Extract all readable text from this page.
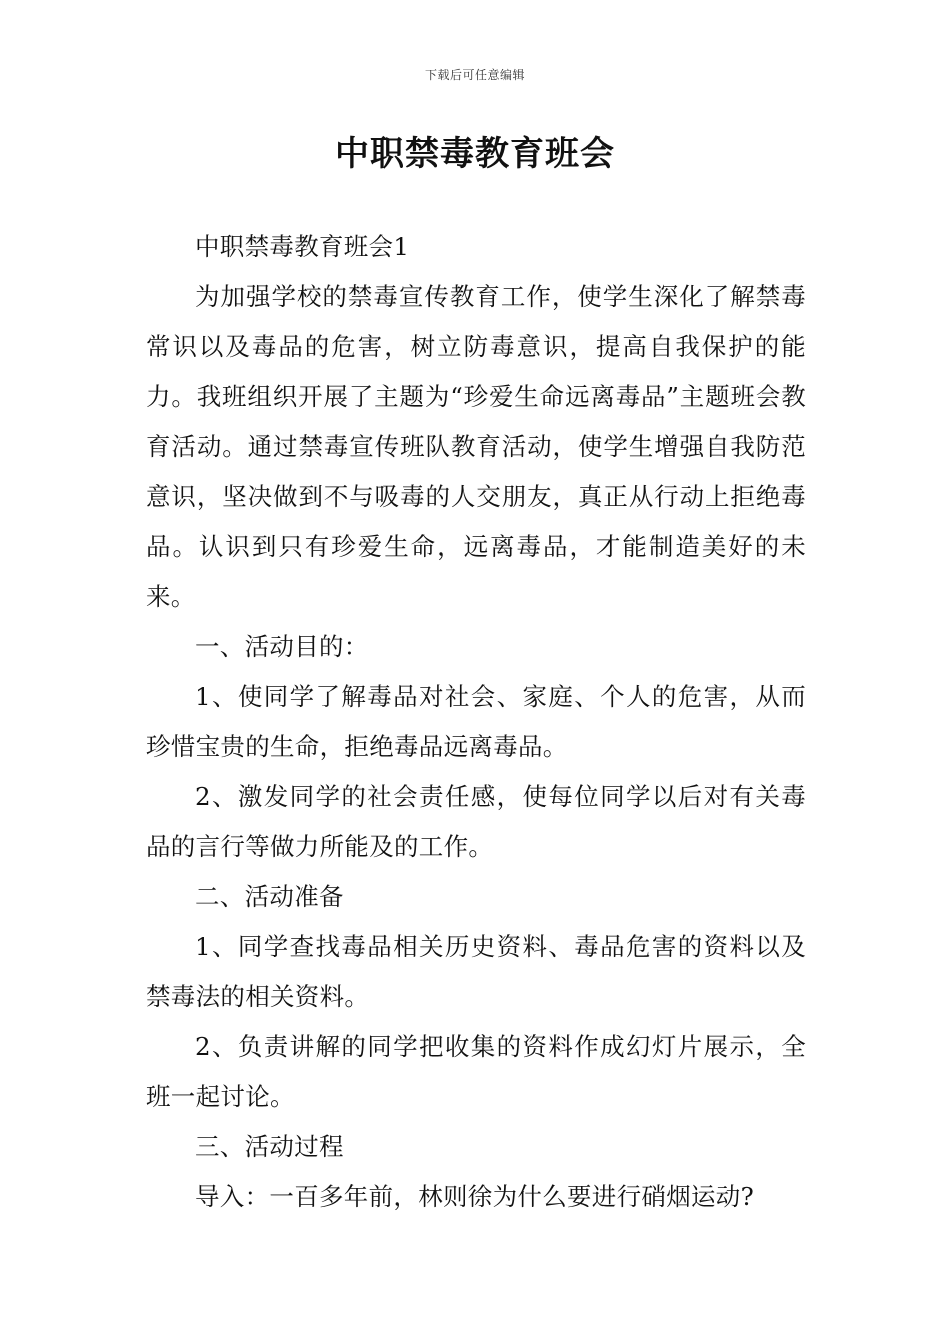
下载后可任意编辑
中职禁毒教育班会

中职禁毒教育班会1

为加强学校的禁毒宣传教育工作，使学生深化了解禁毒常识以及毒品的危害，树立防毒意识，提高自我保护的能力。我班组织开展了主题为“珍爱生命远离毒品”主题班会教育活动。通过禁毒宣传班队教育活动，使学生增强自我防范意识，坚决做到不与吸毒的人交朋友，真正从行动上拒绝毒品。认识到只有珍爱生命，远离毒品，才能制造美好的未来。

一、活动目的：

1、使同学了解毒品对社会、家庭、个人的危害，从而珍惜宝贵的生命，拒绝毒品远离毒品。

2、激发同学的社会责任感，使每位同学以后对有关毒品的言行等做力所能及的工作。

二、活动准备

1、同学查找毒品相关历史资料、毒品危害的资料以及禁毒法的相关资料。

2、负责讲解的同学把收集的资料作成幻灯片展示，全班一起讨论。

三、活动过程

导入：一百多年前，林则徐为什么要进行硝烟运动?
